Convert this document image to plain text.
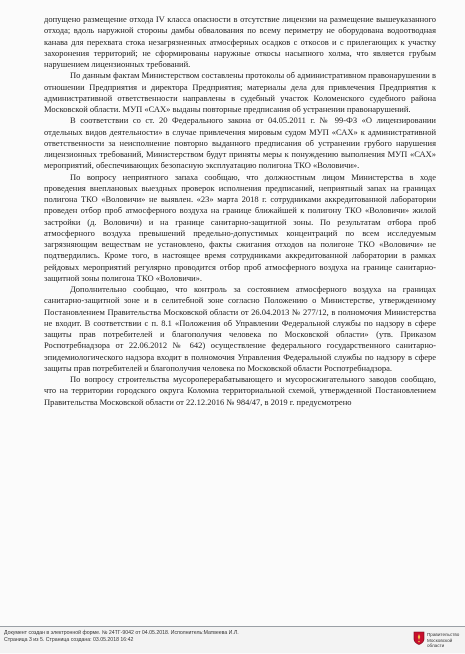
допущено размещение отхода IV класса опасности в отсутствие лицензии на размещение вышеуказанного отхода; вдоль наружной стороны дамбы обвалования по всему периметру не оборудована водоотводная канава для перехвата стока незагрязненных атмосферных осадков с откосов и с прилегающих к участку захоронения территорий; не сформированы наружные откосы насыпного холма, что является грубым нарушением лицензионных требований.

По данным фактам Министерством составлены протоколы об административном правонарушении в отношении Предприятия и директора Предприятия; материалы дела для привлечения Предприятия к административной ответственности направлены в судебный участок Коломенского судебного района Московской области. МУП «САХ» выданы повторные предписания об устранении правонарушений.

В соответствии со ст. 20 Федерального закона от 04.05.2011 г. № 99-ФЗ «О лицензировании отдельных видов деятельности» в случае привлечения мировым судом МУП «САХ» к административной ответственности за неисполнение повторно выданного предписания об устранении грубого нарушения лицензионных требований, Министерством будут приняты меры к понуждению выполнения МУП «САХ» мероприятий, обеспечивающих безопасную эксплуатацию полигона ТКО «Воловичи».

По вопросу неприятного запаха сообщаю, что должностным лицом Министерства в ходе проведения внеплановых выездных проверок исполнения предписаний, неприятный запах на границах полигона ТКО «Воловичи» не выявлен. «23» марта 2018 г. сотрудниками аккредитованной лаборатории проведен отбор проб атмосферного воздуха на границе ближайшей к полигону ТКО «Воловичи» жилой застройки (д. Воловичи) и на границе санитарно-защитной зоны. По результатам отбора проб атмосферного воздуха превышений предельно-допустимых концентраций по всем исследуемым загрязняющим веществам не установлено, факты сжигания отходов на полигоне ТКО «Воловичи» не подтвердились. Кроме того, в настоящее время сотрудниками аккредитованной лаборатории в рамках рейдовых мероприятий регулярно проводится отбор проб атмосферного воздуха на границе санитарно-защитной зоны полигона ТКО «Воловичи».

Дополнительно сообщаю, что контроль за состоянием атмосферного воздуха на границах санитарно-защитной зоне и в селитебной зоне согласно Положению о Министерстве, утвержденному Постановлением Правительства Московской области от 26.04.2013 № 277/12, в полномочия Министерства не входит. В соответствии с п. 8.1 «Положения об Управлении Федеральной службы по надзору в сфере защиты прав потребителей и благополучия человека по Московской области» (утв. Приказом Роспотребнадзора от 22.06.2012 № 642) осуществление федерального государственного санитарно-эпидемиологического надзора входит в полномочия Управления Федеральной службы по надзору в сфере защиты прав потребителей и благополучия человека по Московской области Роспотребнадзора.

По вопросу строительства мусороперерабатывающего и мусоросжигательного заводов сообщаю, что на территории городского округа Коломна территориальной схемой, утвержденной Постановлением Правительства Московской области от 22.12.2016 № 984/47, в 2019 г. предусмотрено

Документ создан в электронной форме. № 24ТГ-9042 от 04.05.2018. Исполнитель:Матвеева И.Л.
Страница 3 из 5. Страница создана: 03.05.2018 16:42
Правительство
Московской области
